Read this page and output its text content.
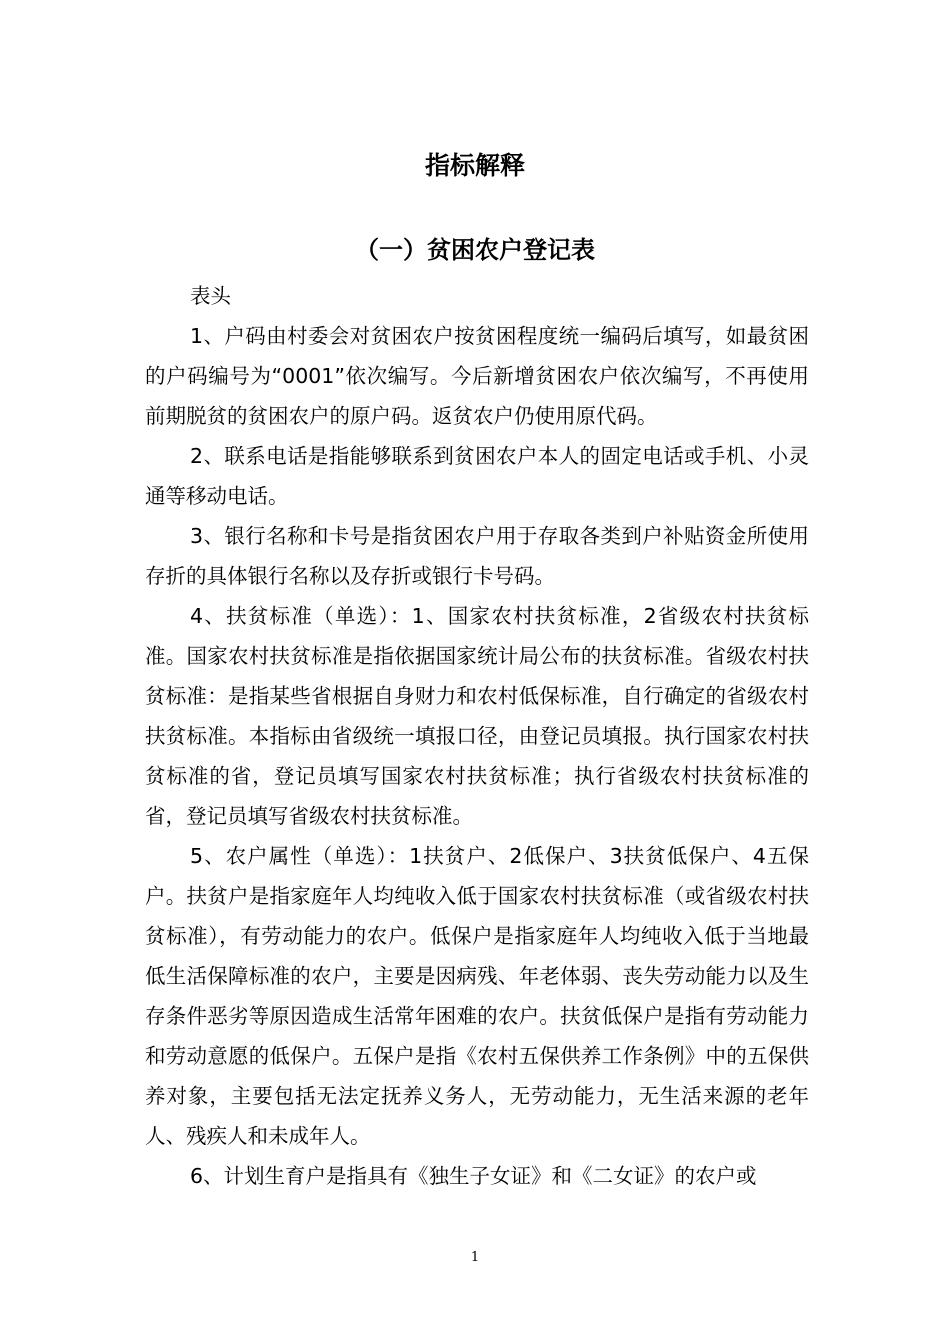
指标解释
（一）贫困农户登记表

表头

1、户码由村委会对贫困农户按贫困程度统一编码后填写，如最贫困的户码编号为“0001”依次编写。今后新增贫困农户依次编写，不再使用前期脱贫的贫困农户的原户码。返贫农户仍使用原代码。

2、联系电话是指能够联系到贫困农户本人的固定电话或手机、小灵通等移动电话。

3、银行名称和卡号是指贫困农户用于存取各类到户补贴资金所使用存折的具体银行名称以及存折或银行卡号码。

4、扶贫标准（单选）：1、国家农村扶贫标准，2省级农村扶贫标准。国家农村扶贫标准是指依据国家统计局公布的扶贫标准。省级农村扶贫标准：是指某些省根据自身财力和农村低保标准，自行确定的省级农村扶贫标准。本指标由省级统一填报口径，由登记员填报。执行国家农村扶贫标准的省，登记员填写国家农村扶贫标准；执行省级农村扶贫标准的省，登记员填写省级农村扶贫标准。

5、农户属性（单选）：1扶贫户、2低保户、3扶贫低保户、4五保户。扶贫户是指家庭年人均纯收入低于国家农村扶贫标准（或省级农村扶贫标准），有劳动能力的农户。低保户是指家庭年人均纯收入低于当地最低生活保障标准的农户，主要是因病残、年老体弱、丧失劳动能力以及生存条件恶劣等原因造成生活常年困难的农户。扶贫低保户是指有劳动能力和劳动意愿的低保户。五保户是指《农村五保供养工作条例》中的五保供养对象，主要包括无法定抚养义务人，无劳动能力，无生活来源的老年人、残疾人和未成年人。

6、计划生育户是指具有《独生子女证》和《二女证》的农户或

1
